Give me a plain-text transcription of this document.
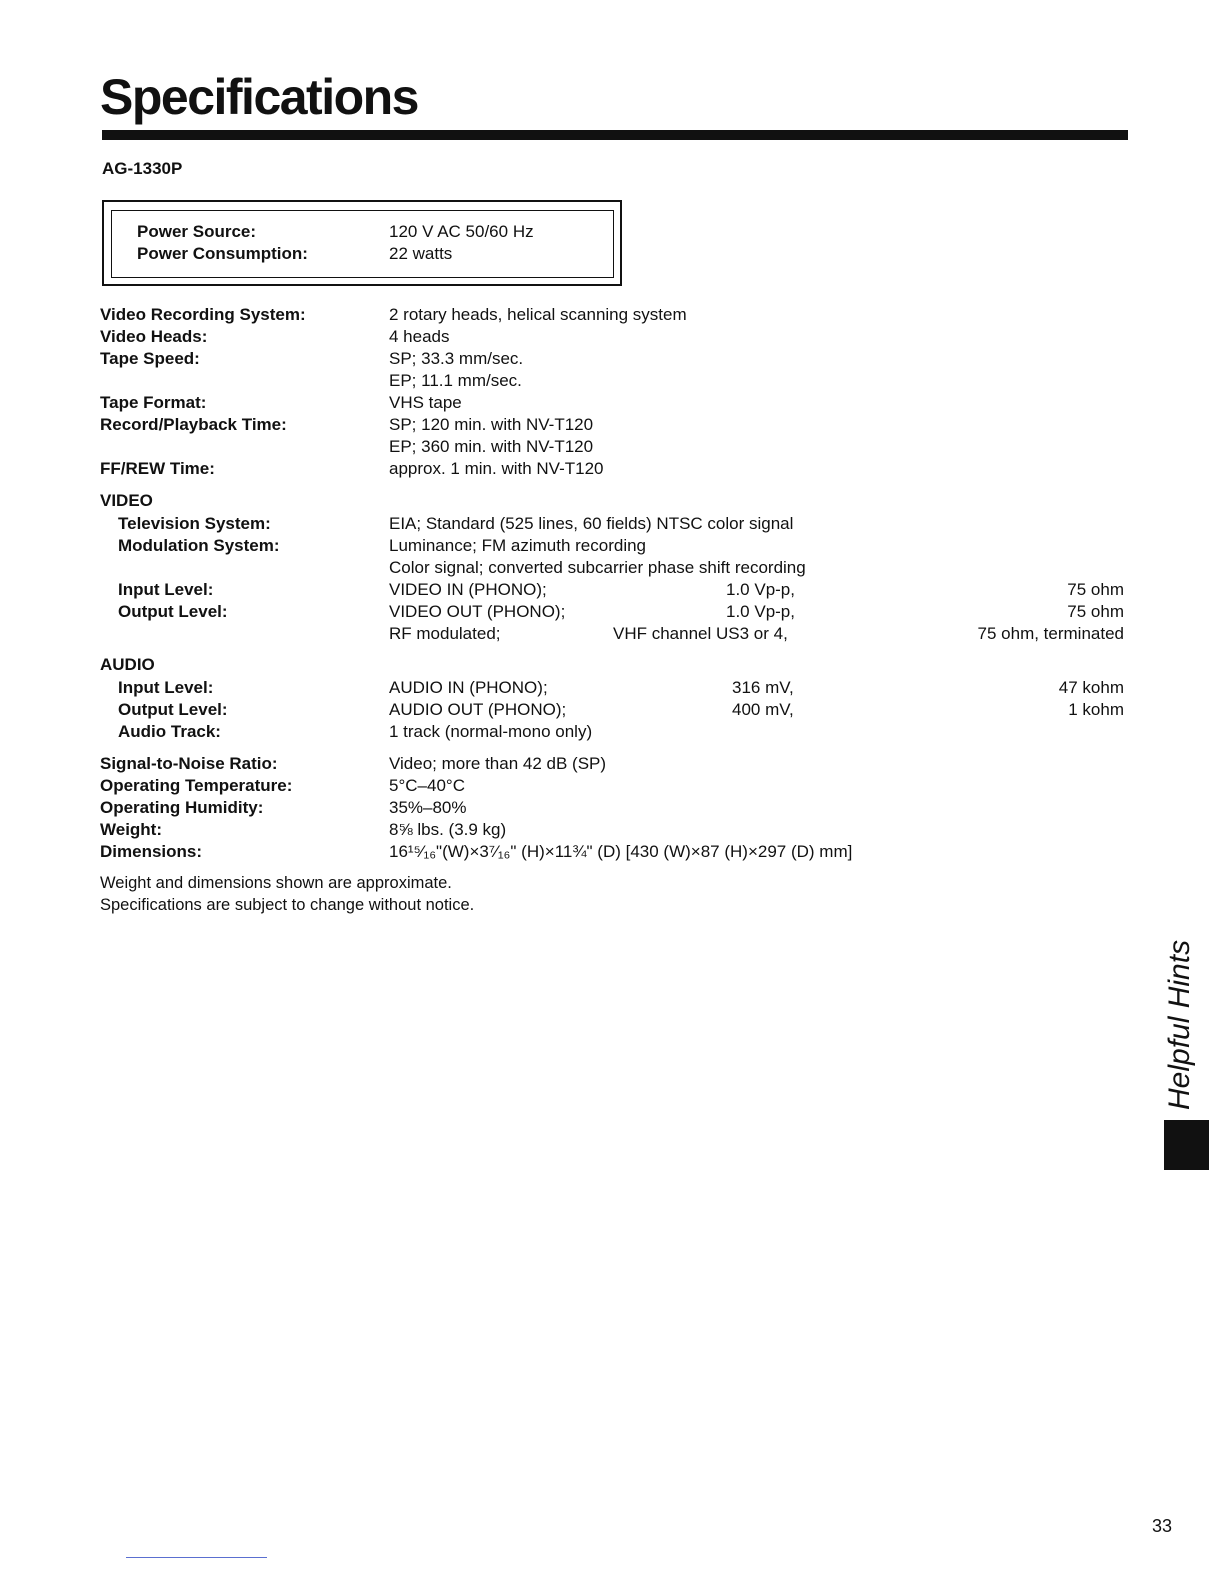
Specifications
AG-1330P
Power Source:	120 V AC 50/60 Hz
Power Consumption:	22 watts
Video Recording System:	2 rotary heads, helical scanning system
Video Heads:	4 heads
Tape Speed:	SP; 33.3 mm/sec.
EP; 11.1 mm/sec.
Tape Format:	VHS tape
Record/Playback Time:	SP; 120 min. with NV-T120
EP; 360 min. with NV-T120
FF/REW Time:	approx. 1 min. with NV-T120
VIDEO
Television System:	EIA; Standard (525 lines, 60 fields) NTSC color signal
Modulation System:	Luminance; FM azimuth recording
Color signal; converted subcarrier phase shift recording
Input Level:	VIDEO IN (PHONO);	1.0 Vp-p,	75 ohm
Output Level:	VIDEO OUT (PHONO);	1.0 Vp-p,	75 ohm
RF modulated;	VHF channel US3 or 4,	75 ohm, terminated
AUDIO
Input Level:	AUDIO IN (PHONO);	316 mV,	47 kohm
Output Level:	AUDIO OUT (PHONO);	400 mV,	1 kohm
Audio Track:	1 track (normal-mono only)
Signal-to-Noise Ratio:	Video; more than 42 dB (SP)
Operating Temperature:	5°C–40°C
Operating Humidity:	35%–80%
Weight:	8⅝ lbs. (3.9 kg)
Dimensions:	16¹⁵⁄₁₆"(W)×3⁷⁄₁₆" (H)×11¾" (D) [430 (W)×87 (H)×297 (D) mm]
Weight and dimensions shown are approximate.
Specifications are subject to change without notice.
Helpful Hints
33
